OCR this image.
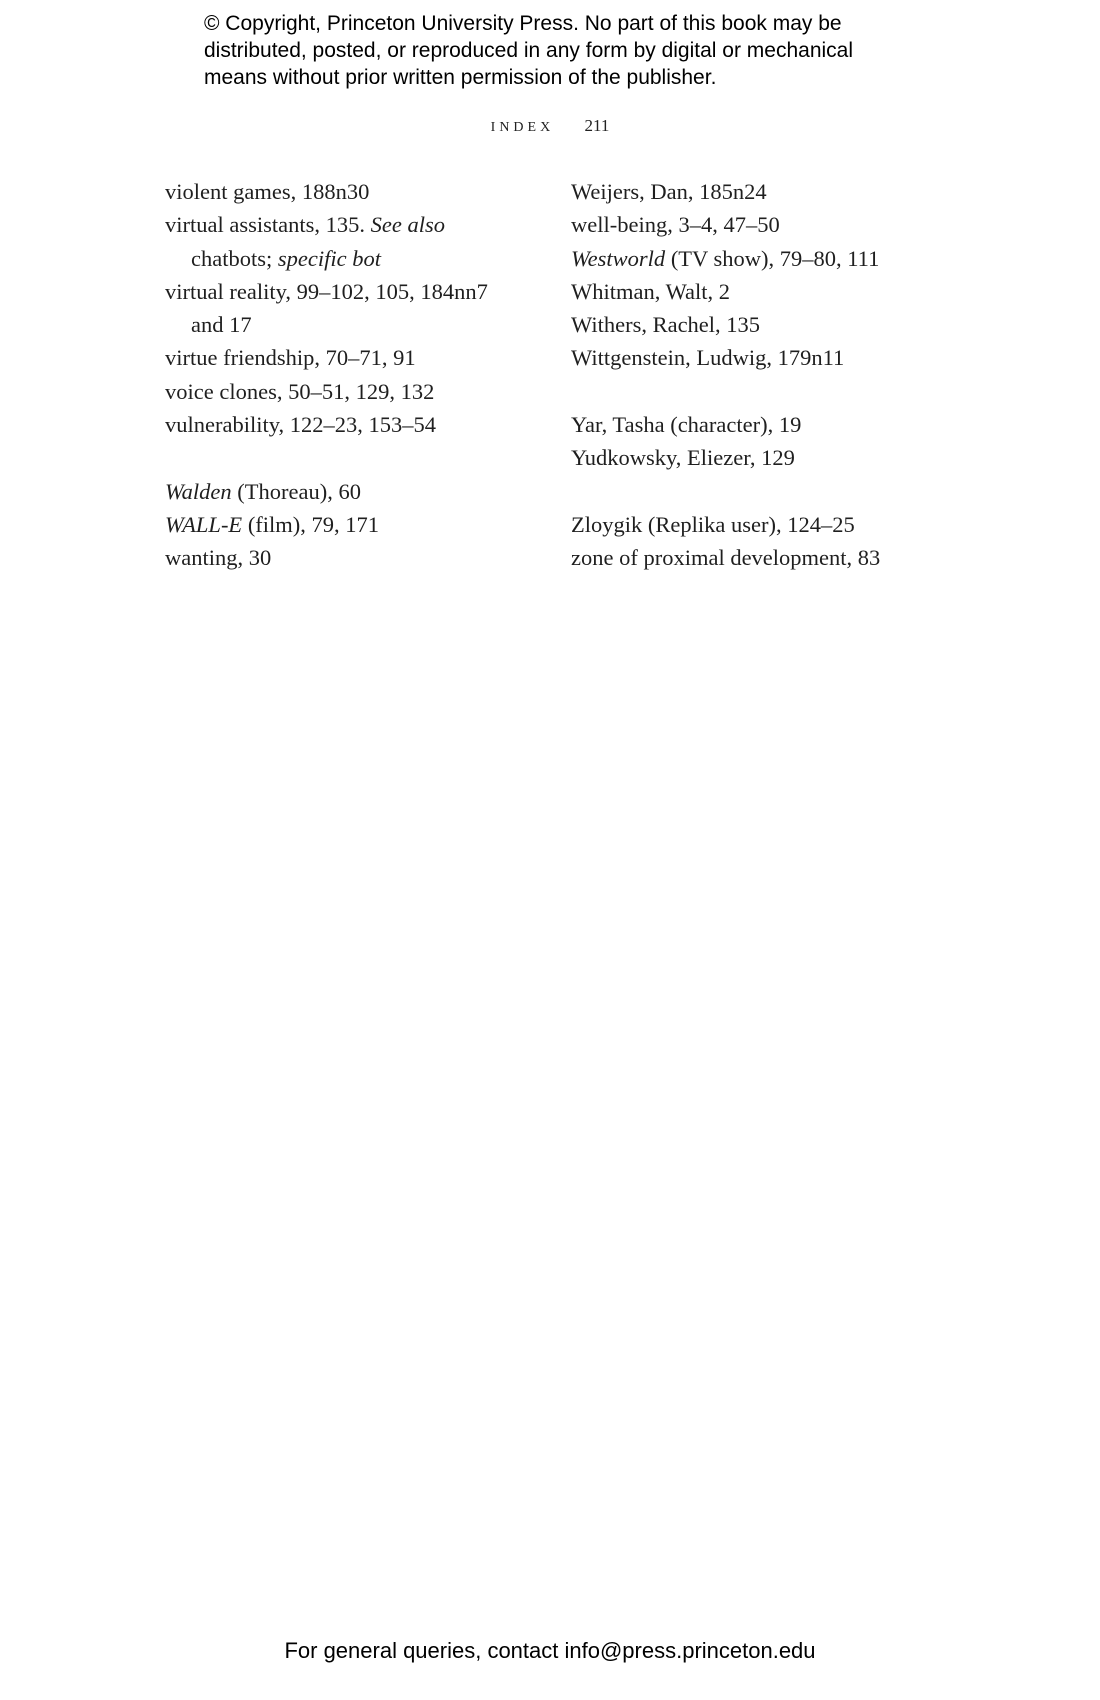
© Copyright, Princeton University Press. No part of this book may be
distributed, posted, or reproduced in any form by digital or mechanical
means without prior written permission of the publisher.
index 211
violent games, 188n30
virtual assistants, 135. See also
chatbots; specific bot
virtual reality, 99–102, 105, 184nn7
and 17
virtue friendship, 70–71, 91
voice clones, 50–51, 129, 132
vulnerability, 122–23, 153–54
Walden (Thoreau), 60
WALL-E (film), 79, 171
wanting, 30
Weijers, Dan, 185n24
well-being, 3–4, 47–50
Westworld (TV show), 79–80, 111
Whitman, Walt, 2
Withers, Rachel, 135
Wittgenstein, Ludwig, 179n11
Yar, Tasha (character), 19
Yudkowsky, Eliezer, 129
Zloygik (Replika user), 124–25
zone of proximal development, 83
For general queries, contact info@press.princeton.edu
